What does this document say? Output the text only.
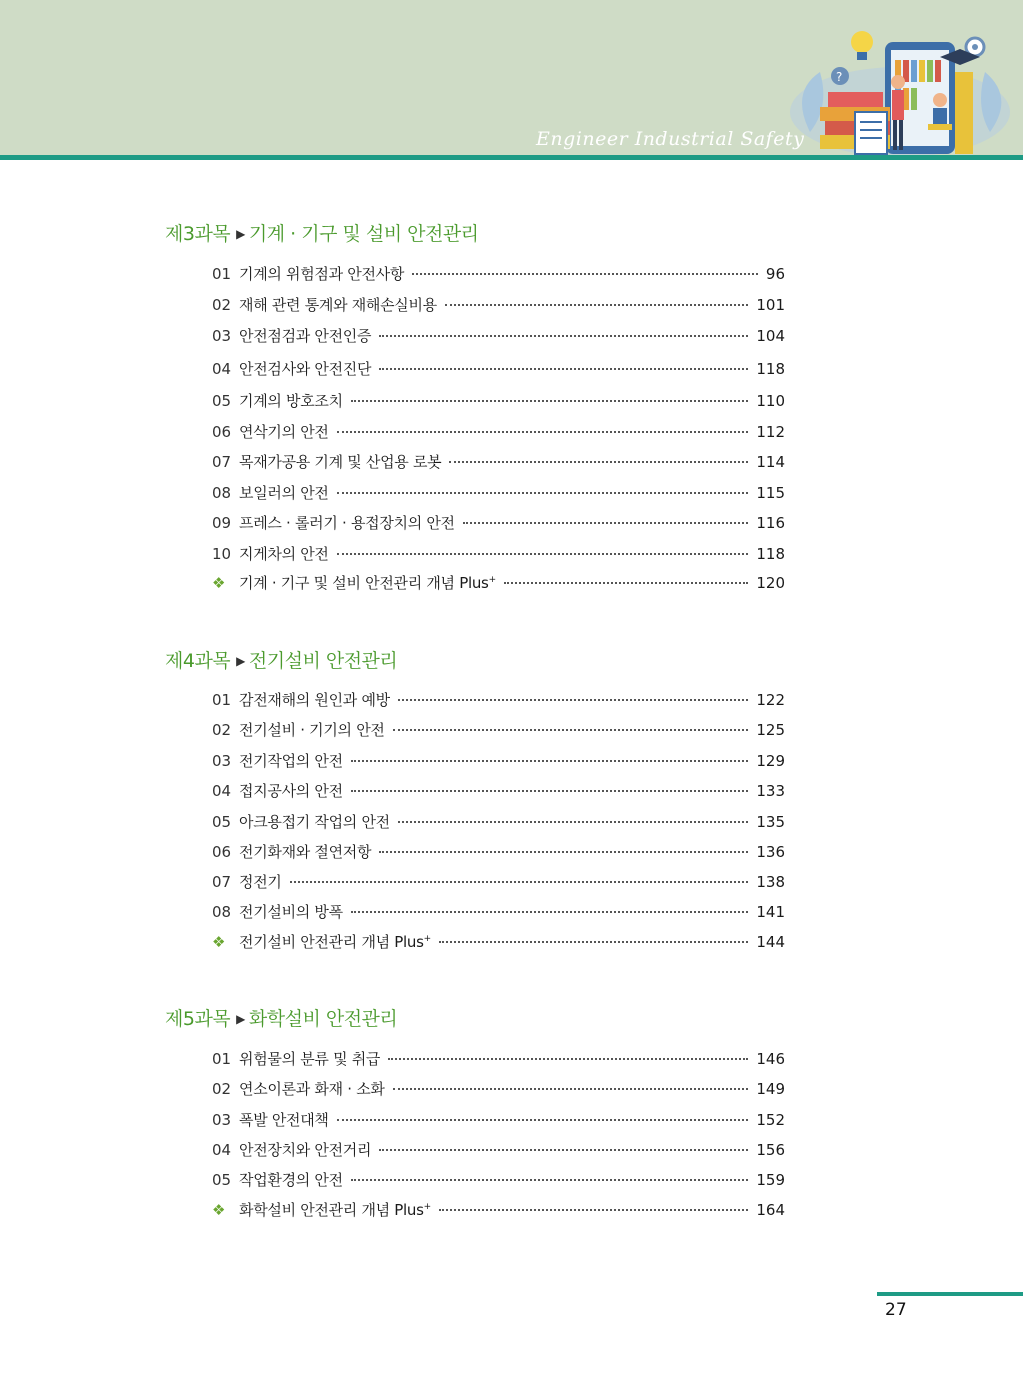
?
Engineer Industrial Safety
제3과목 ▶ 기계 · 기구 및 설비 안전관리
01 기계의 위험점과 안전사항	96
02 재해 관련 통계와 재해손실비용	101
03 안전점검과 안전인증	104
04 안전검사와 안전진단	118
05 기계의 방호조치	110
06 연삭기의 안전	112
07 목재가공용 기계 및 산업용 로봇	114
08 보일러의 안전	115
09 프레스 · 롤러기 · 용접장치의 안전	116
10 지게차의 안전	118
❖ 기계 · 기구 및 설비 안전관리 개념 Plus+	120
제4과목 ▶ 전기설비 안전관리
01 감전재해의 원인과 예방	122
02 전기설비 · 기기의 안전	125
03 전기작업의 안전	129
04 접지공사의 안전	133
05 아크용접기 작업의 안전	135
06 전기화재와 절연저항	136
07 정전기	138
08 전기설비의 방폭	141
❖ 전기설비 안전관리 개념 Plus+	144
제5과목 ▶ 화학설비 안전관리
01 위험물의 분류 및 취급	146
02 연소이론과 화재 · 소화	149
03 폭발 안전대책	152
04 안전장치와 안전거리	156
05 작업환경의 안전	159
❖ 화학설비 안전관리 개념 Plus+	164
27
